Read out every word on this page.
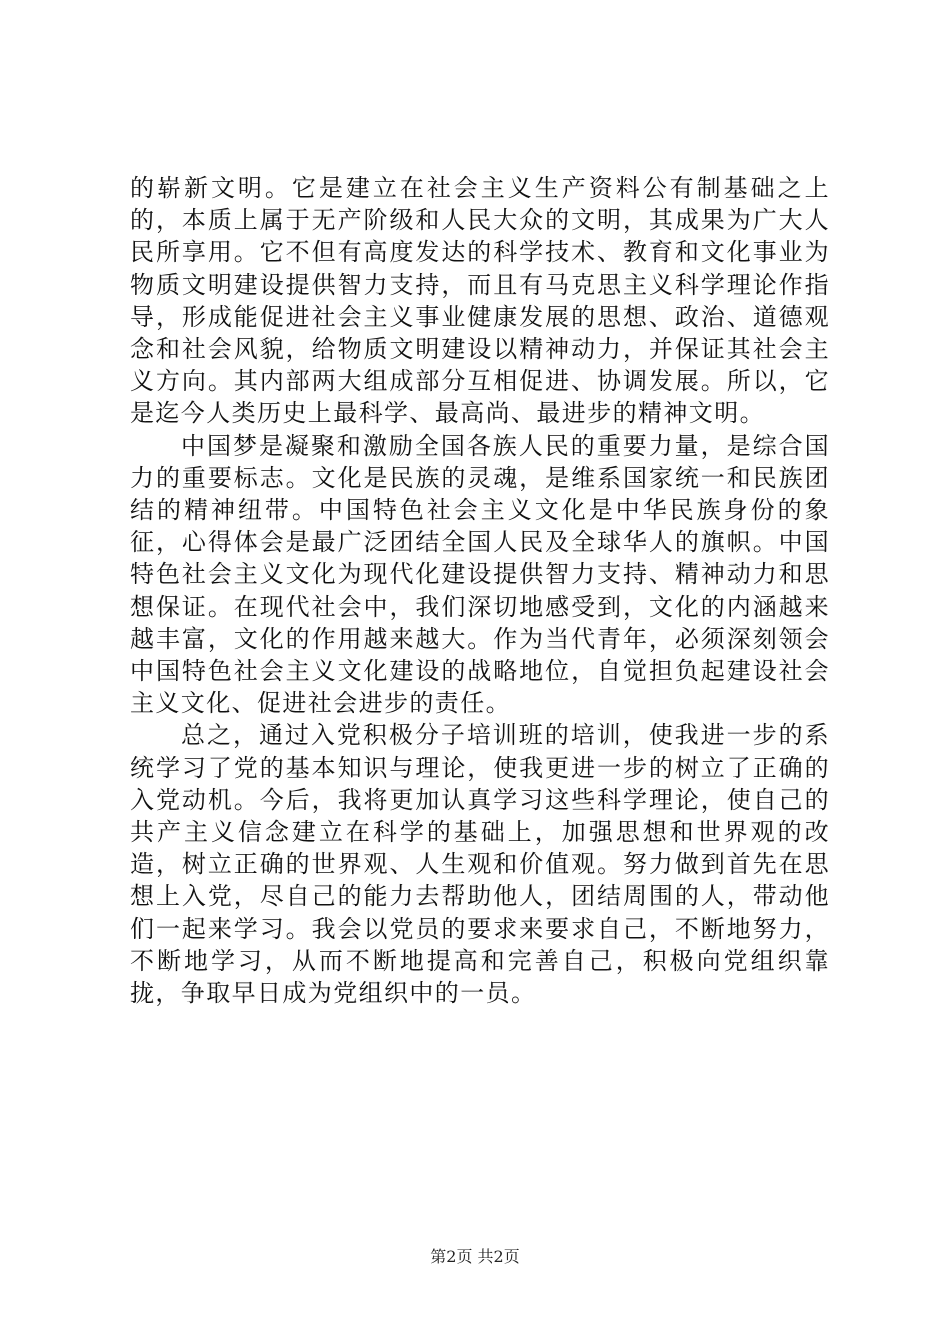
的崭新文明。它是建立在社会主义生产资料公有制基础之上的，本质上属于无产阶级和人民大众的文明，其成果为广大人民所享用。它不但有高度发达的科学技术、教育和文化事业为物质文明建设提供智力支持，而且有马克思主义科学理论作指导，形成能促进社会主义事业健康发展的思想、政治、道德观念和社会风貌，给物质文明建设以精神动力，并保证其社会主义方向。其内部两大组成部分互相促进、协调发展。所以，它是迄今人类历史上最科学、最高尚、最进步的精神文明。

中国梦是凝聚和激励全国各族人民的重要力量，是综合国力的重要标志。文化是民族的灵魂，是维系国家统一和民族团结的精神纽带。中国特色社会主义文化是中华民族身份的象征，心得体会是最广泛团结全国人民及全球华人的旗帜。中国特色社会主义文化为现代化建设提供智力支持、精神动力和思想保证。在现代社会中，我们深切地感受到，文化的内涵越来越丰富，文化的作用越来越大。作为当代青年，必须深刻领会中国特色社会主义文化建设的战略地位，自觉担负起建设社会主义文化、促进社会进步的责任。

总之，通过入党积极分子培训班的培训，使我进一步的系统学习了党的基本知识与理论，使我更进一步的树立了正确的入党动机。今后，我将更加认真学习这些科学理论，使自己的共产主义信念建立在科学的基础上，加强思想和世界观的改造，树立正确的世界观、人生观和价值观。努力做到首先在思想上入党，尽自己的能力去帮助他人，团结周围的人，带动他们一起来学习。我会以党员的要求来要求自己，不断地努力，不断地学习，从而不断地提高和完善自己，积极向党组织靠拢，争取早日成为党组织中的一员。

第2页 共2页
